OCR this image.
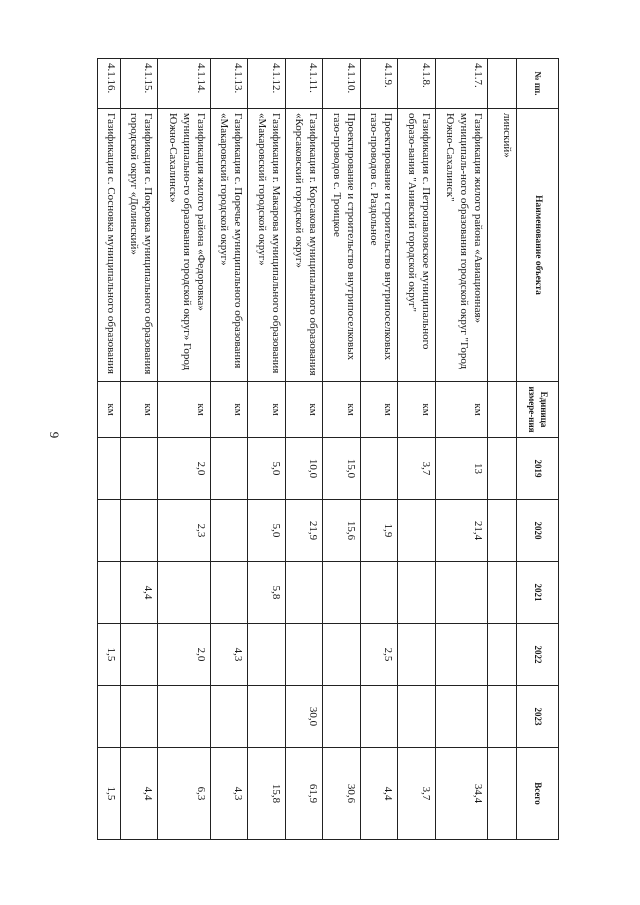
9
№ пп.	Наименование объекта	Единица измере-ния	2019	2020	2021	2022	2023	Всего
	линский»							
4.1.7.	Газификация жилого района «Авиационная» муниципаль-ного образования городской округ "Город Южно-Сахалинск"	км	13	21,4				34,4
4.1.8.	Газификация с. Петропавловское муниципального образо-вания "Анивский городской округ"	км	3,7					3,7
4.1.9.	Проектирование и строительство внутрипоселковых газо-проводов с. Раздольное	км		1,9		2,5		4,4
4.1.10.	Проектирование и строительство внутрипоселковых газо-проводов с. Троицкое	км	15,0	15,6				30,6
4.1.11.	Газификация г. Корсакова муниципального образования «Корсаковский городской округ»	км	10,0	21,9			30,0	61,9
4.1.12.	Газификация г. Макарова муниципального образования «Макаровский городской округ»	км	5,0	5,0	5,8			15,8
4.1.13.	Газификация с. Поречье муниципального образования «Макаровский городской округ»	км				4,3		4,3
4.1.14.	Газификация жилого района «Федоровка» муниципально-го образования городской округ» Город Южно-Сахалинск»	км	2,0	2,3		2,0		6,3
4.1.15.	Газификация с. Покровка муниципального образования городской округ «Долинский»	км			4,4			4,4
4.1.16.	Газификация с. Сосновка муниципального образования	км				1,5		1,5
